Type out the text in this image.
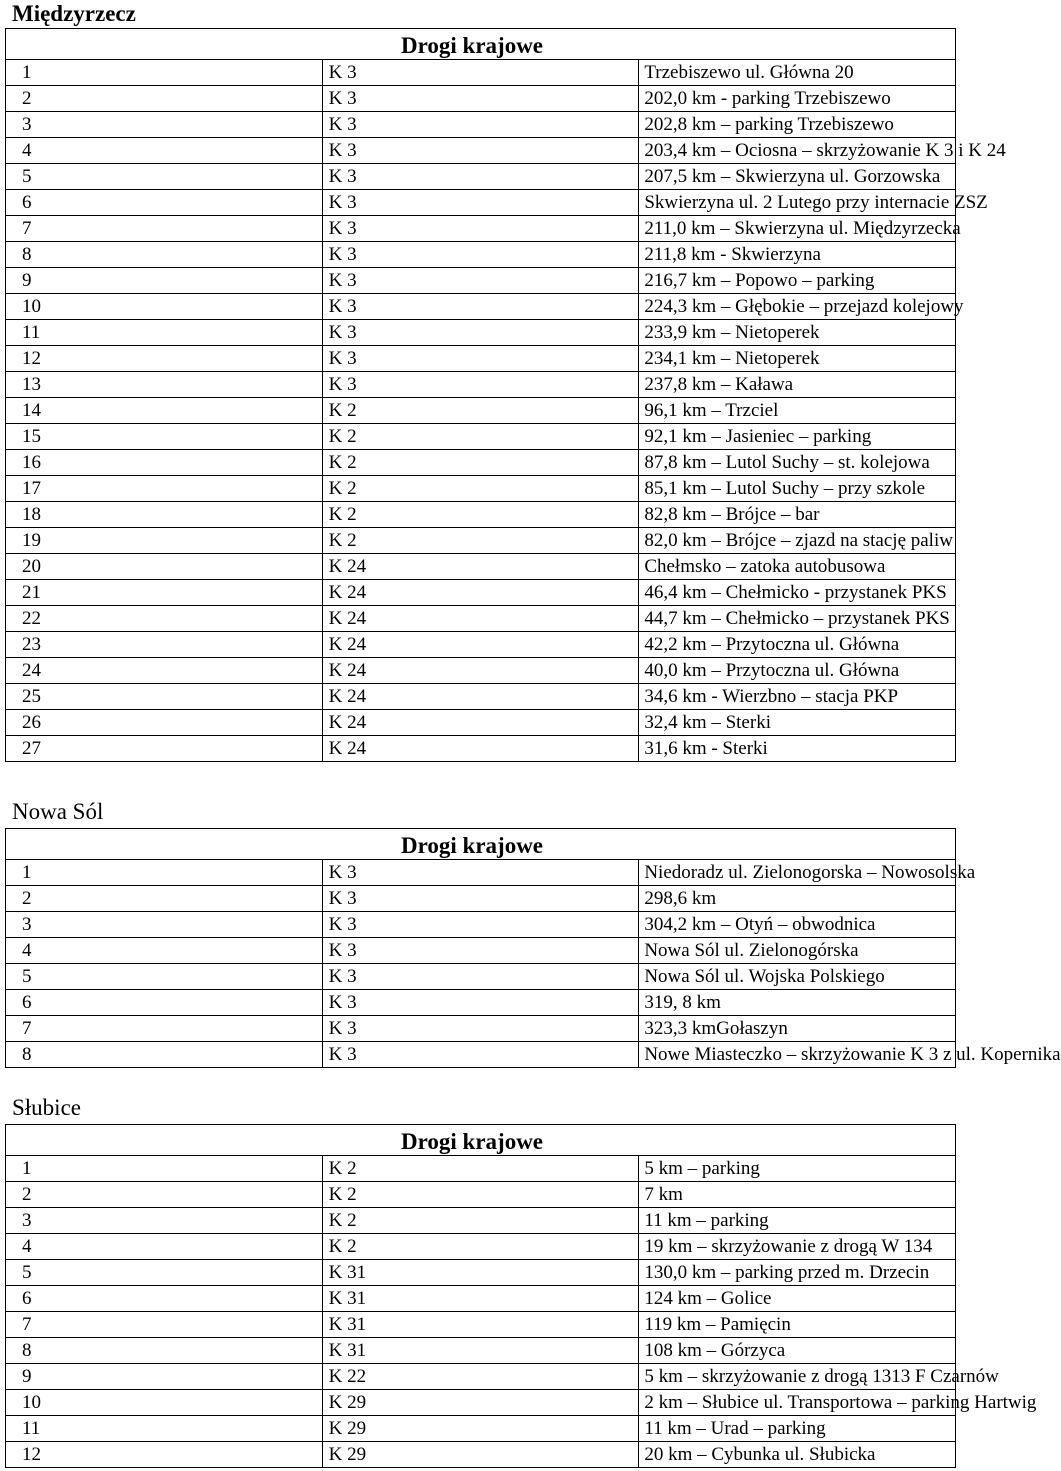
Międzyrzecz
Drogi krajowe		
1	K 3	Trzebiszewo ul. Główna 20
2	K 3	202,0 km - parking Trzebiszewo
3	K 3	202,8 km – parking Trzebiszewo
4	K 3	203,4 km – Ociosna – skrzyżowanie K 3 i K 24
5	K 3	207,5 km – Skwierzyna ul. Gorzowska
6	K 3	Skwierzyna ul. 2 Lutego przy internacie ZSZ
7	K 3	211,0 km – Skwierzyna ul. Międzyrzecka
8	K 3	211,8 km - Skwierzyna
9	K 3	216,7 km – Popowo – parking
10	K 3	224,3 km – Głębokie – przejazd kolejowy
11	K 3	233,9 km – Nietoperek
12	K 3	234,1 km – Nietoperek
13	K 3	237,8 km – Kaława
14	K 2	96,1 km – Trzciel
15	K 2	92,1 km – Jasieniec – parking
16	K 2	87,8 km – Lutol Suchy – st. kolejowa
17	K 2	85,1 km – Lutol Suchy – przy szkole
18	K 2	82,8 km – Brójce – bar
19	K 2	82,0 km – Brójce – zjazd na stację paliw
20	K 24	Chełmsko – zatoka autobusowa
21	K 24	46,4 km – Chełmicko - przystanek PKS
22	K 24	44,7 km – Chełmicko – przystanek PKS
23	K 24	42,2 km – Przytoczna ul. Główna
24	K 24	40,0 km – Przytoczna ul. Główna
25	K 24	34,6 km - Wierzbno – stacja PKP
26	K 24	32,4 km – Sterki
27	K 24	31,6 km - Sterki
Nowa Sól
Drogi krajowe		
1	K 3	Niedoradz ul. Zielonogorska – Nowosolska
2	K 3	298,6 km
3	K 3	304,2 km – Otyń – obwodnica
4	K 3	Nowa Sól ul. Zielonogórska
5	K 3	Nowa Sól ul. Wojska Polskiego
6	K 3	319, 8 km
7	K 3	323,3 kmGołaszyn
8	K 3	Nowe Miasteczko – skrzyżowanie K 3 z ul. Kopernika
Słubice
Drogi krajowe		
1	K 2	5 km – parking
2	K 2	7 km
3	K 2	11 km – parking
4	K 2	19 km – skrzyżowanie z drogą W 134
5	K 31	130,0 km – parking przed m. Drzecin
6	K 31	124 km – Golice
7	K 31	119 km – Pamięcin
8	K 31	108 km – Górzyca
9	K 22	5 km – skrzyżowanie z drogą 1313 F Czarnów
10	K 29	2 km – Słubice ul. Transportowa – parking Hartwig
11	K 29	11 km – Urad – parking
12	K 29	20 km – Cybunka ul. Słubicka
